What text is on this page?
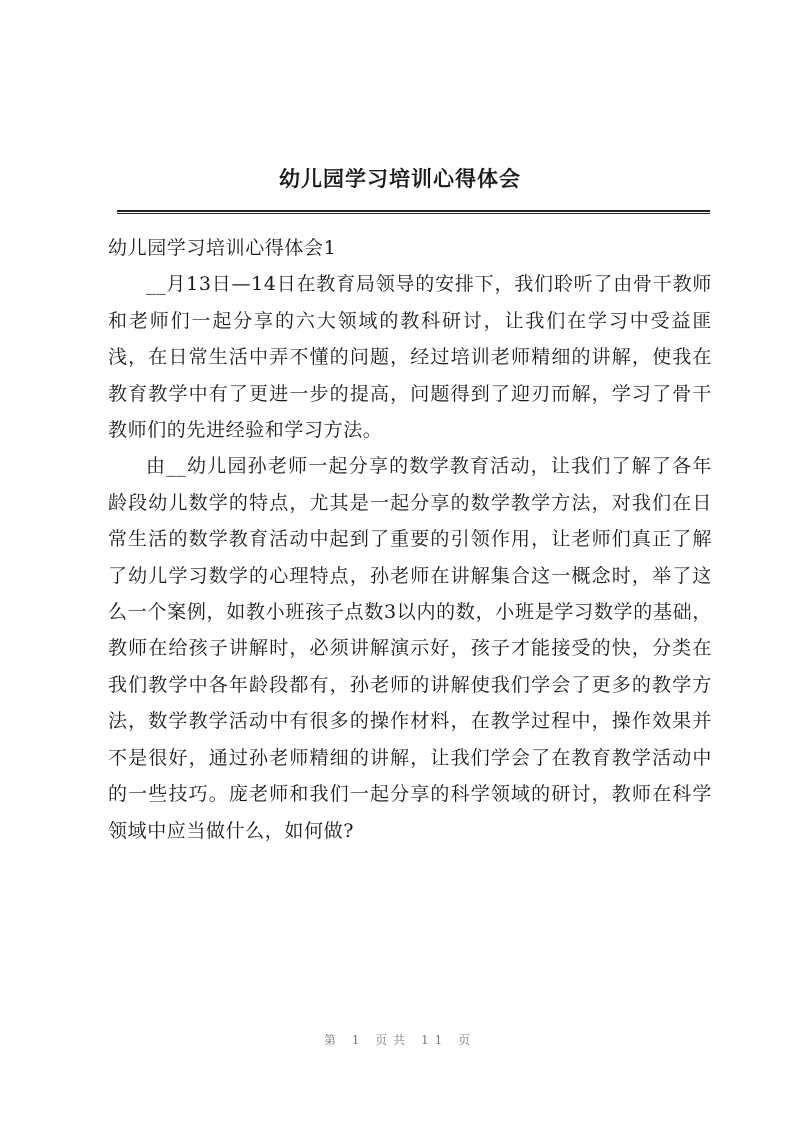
幼儿园学习培训心得体会

幼儿园学习培训心得体会1

__月13日—14日在教育局领导的安排下，我们聆听了由骨干教师和老师们一起分享的六大领域的教科研讨，让我们在学习中受益匪浅，在日常生活中弄不懂的问题，经过培训老师精细的讲解，使我在教育教学中有了更进一步的提高，问题得到了迎刃而解，学习了骨干教师们的先进经验和学习方法。

由__幼儿园孙老师一起分享的数学教育活动，让我们了解了各年龄段幼儿数学的特点，尤其是一起分享的数学教学方法，对我们在日常生活的数学教育活动中起到了重要的引领作用，让老师们真正了解了幼儿学习数学的心理特点，孙老师在讲解集合这一概念时，举了这么一个案例，如教小班孩子点数3以内的数，小班是学习数学的基础，教师在给孩子讲解时，必须讲解演示好，孩子才能接受的快，分类在我们教学中各年龄段都有，孙老师的讲解使我们学会了更多的教学方法，数学教学活动中有很多的操作材料，在教学过程中，操作效果并不是很好，通过孙老师精细的讲解，让我们学会了在教育教学活动中的一些技巧。庞老师和我们一起分享的科学领域的研讨，教师在科学领域中应当做什么，如何做?

第 1 页共 11 页
